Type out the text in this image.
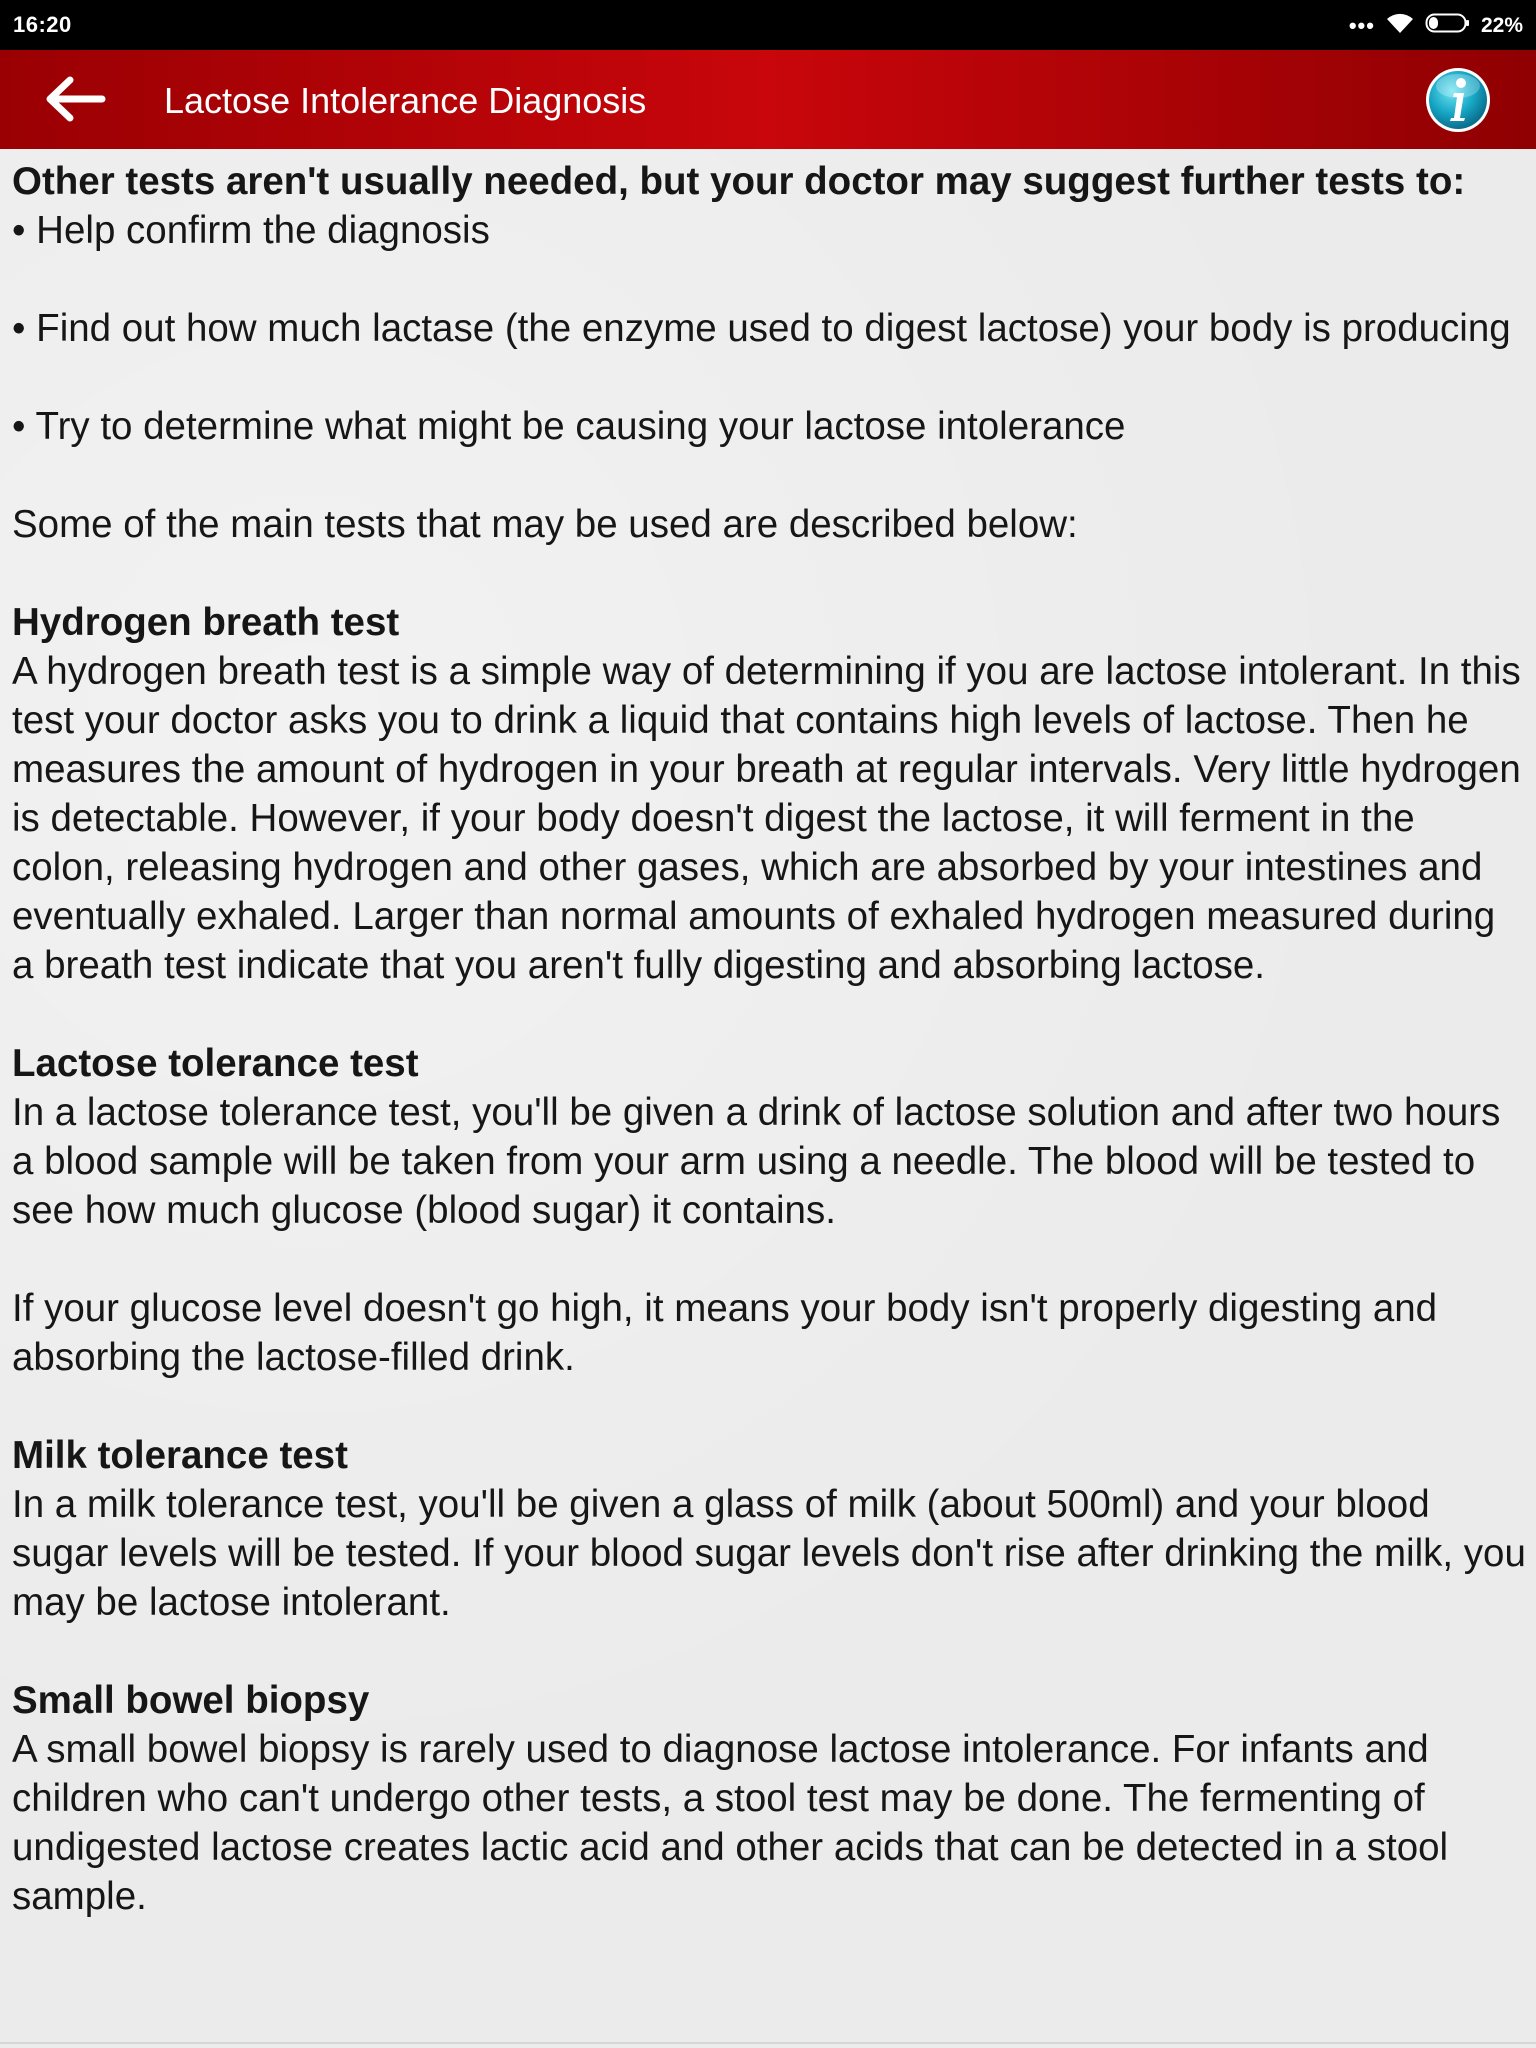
16:20	•••	22%
Lactose Intolerance Diagnosis

Other tests aren't usually needed, but your doctor may suggest further tests to:

• Help confirm the diagnosis

• Find out how much lactase (the enzyme used to digest lactose) your body is producing

• Try to determine what might be causing your lactose intolerance

Some of the main tests that may be used are described below:

Hydrogen breath test

A hydrogen breath test is a simple way of determining if you are lactose intolerant. In this test your doctor asks you to drink a liquid that contains high levels of lactose. Then he measures the amount of hydrogen in your breath at regular intervals. Very little hydrogen is detectable. However, if your body doesn't digest the lactose, it will ferment in the colon, releasing hydrogen and other gases, which are absorbed by your intestines and eventually exhaled. Larger than normal amounts of exhaled hydrogen measured during a breath test indicate that you aren't fully digesting and absorbing lactose.

Lactose tolerance test

In a lactose tolerance test, you'll be given a drink of lactose solution and after two hours a blood sample will be taken from your arm using a needle. The blood will be tested to see how much glucose (blood sugar) it contains.

If your glucose level doesn't go high, it means your body isn't properly digesting and absorbing the lactose-filled drink.

Milk tolerance test

In a milk tolerance test, you'll be given a glass of milk (about 500ml) and your blood sugar levels will be tested. If your blood sugar levels don't rise after drinking the milk, you may be lactose intolerant.

Small bowel biopsy

A small bowel biopsy is rarely used to diagnose lactose intolerance. For infants and children who can't undergo other tests, a stool test may be done. The fermenting of undigested lactose creates lactic acid and other acids that can be detected in a stool sample.
